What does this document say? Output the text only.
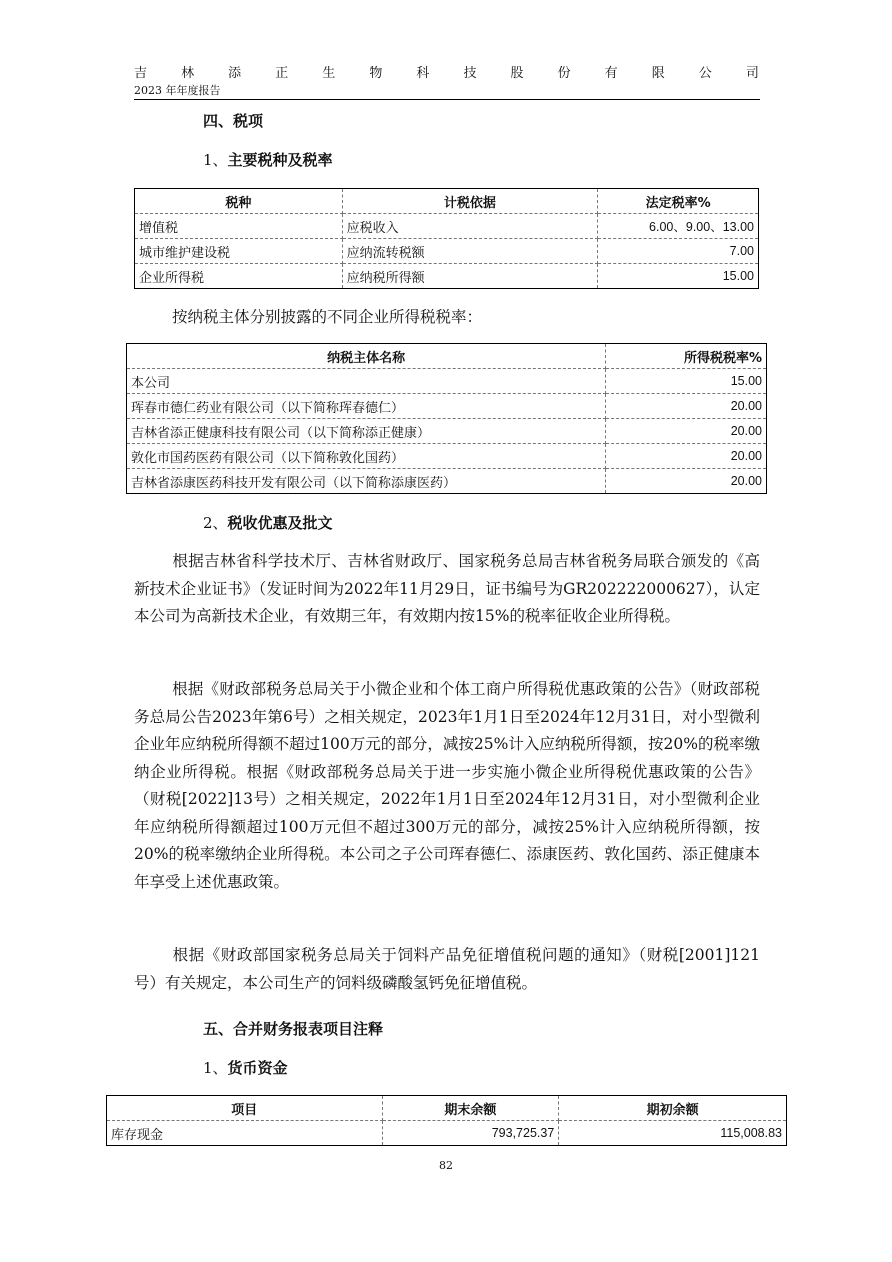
吉	林	添	正	生	物	科	技	股	份	有	限	公	司
2023 年年度报告
四、税项
1、主要税种及税率
税种	计税依据	法定税率%
增值税	应税收入	6.00、9.00、13.00
城市维护建设税	应纳流转税额	7.00
企业所得税	应纳税所得额	15.00
按纳税主体分别披露的不同企业所得税税率：
纳税主体名称	所得税税率%
本公司	15.00
珲春市德仁药业有限公司（以下简称珲春德仁）	20.00
吉林省添正健康科技有限公司（以下简称添正健康）	20.00
敦化市国药医药有限公司（以下简称敦化国药）	20.00
吉林省添康医药科技开发有限公司（以下简称添康医药）	20.00
2、税收优惠及批文
根据吉林省科学技术厅、吉林省财政厅、国家税务总局吉林省税务局联合颁发的《高新技术企业证书》（发证时间为2022年11月29日，证书编号为GR202222000627），认定本公司为高新技术企业，有效期三年，有效期内按15%的税率征收企业所得税。
根据《财政部税务总局关于小微企业和个体工商户所得税优惠政策的公告》（财政部税务总局公告2023年第6号）之相关规定，2023年1月1日至2024年12月31日，对小型微利企业年应纳税所得额不超过100万元的部分，减按25%计入应纳税所得额，按20%的税率缴纳企业所得税。根据《财政部税务总局关于进一步实施小微企业所得税优惠政策的公告》（财税[2022]13号）之相关规定，2022年1月1日至2024年12月31日，对小型微利企业年应纳税所得额超过100万元但不超过300万元的部分，减按25%计入应纳税所得额，按20%的税率缴纳企业所得税。本公司之子公司珲春德仁、添康医药、敦化国药、添正健康本年享受上述优惠政策。
根据《财政部国家税务总局关于饲料产品免征增值税问题的通知》（财税[2001]121号）有关规定，本公司生产的饲料级磷酸氢钙免征增值税。
五、合并财务报表项目注释
1、货币资金
项目	期末余额	期初余额
库存现金	793,725.37	115,008.83
82
